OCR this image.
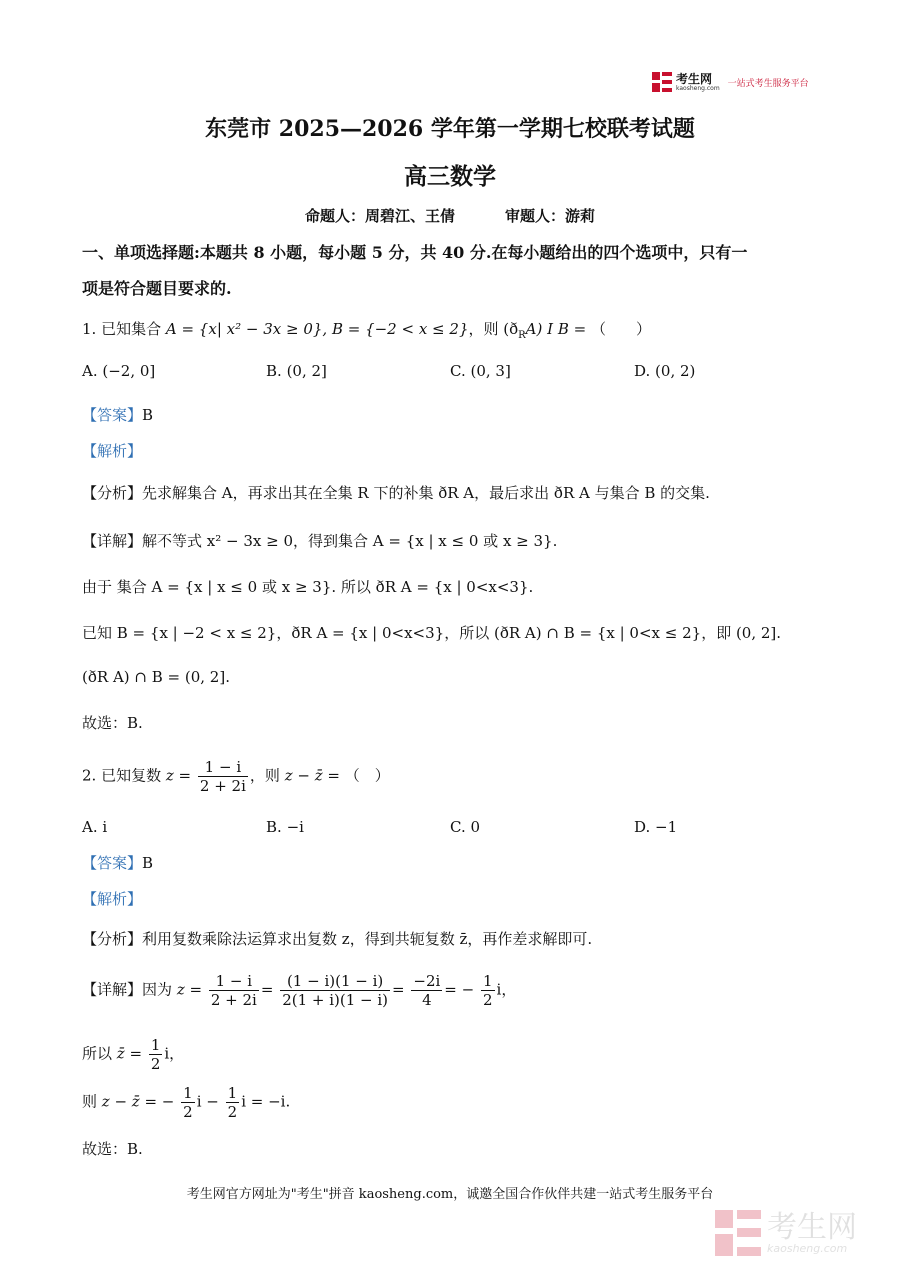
考生网
kaosheng.com 一站式考生服务平台
东莞市 2025—2026 学年第一学期七校联考试题
高三数学
命题人：周碧江、王倩	审题人：游莉
一、单项选择题:本题共 8 小题，每小题 5 分，共 40 分.在每小题给出的四个选项中，只有一
项是符合题目要求的.
1. 已知集合 A = {x| x² − 3x ≥ 0}, B = {−2 < x ≤ 2}，则 $(ð_RA)$ I B = （　　）
A. (−2, 0]	B. (0, 2]	C. (0, 3]	D. (0, 2)
【答案】B
【解析】
【分析】先求解集合 A，再求出其在全集 R 下的补集 ðR A，最后求出 ðR A 与集合 B 的交集.
【详解】解不等式 x² − 3x ≥ 0，得到集合 A = {x | x ≤ 0 或 x ≥ 3}.
由于 集合 A = {x | x ≤ 0 或 x ≥ 3}. 所以 ðR A = {x | 0<x<3}.
已知 B = {x | −2 < x ≤ 2}，ðR A = {x | 0<x<3}，所以 (ðR A) ∩ B = {x | 0<x ≤ 2}，即 (0, 2].
(ðR A) ∩ B = (0, 2].
故选：B.
2. 已知复数 $z = \frac{1 - i}{2 + 2i}$ ，则 z − z̄ = （　）
A. i	B. −i	C. 0	D. −1
【答案】B
【解析】
【分析】利用复数乘除法运算求出复数 z，得到共轭复数 z̄，再作差求解即可.
【详解】因为 $z = \frac{1 - i}{2 + 2i} = \frac{(1 - i)(1 - i)}{2(1 + i)(1 - i)} = \frac{-2i}{4}$ = − $\frac{1}{2}$ i，
所以 z̄ = $\frac{1}{2}$ i，
则 z − z̄ = − $\frac{1}{2}$ $i - \frac{1}{2}$ i = −i.
故选：B.
考生网官方网址为"考生"拼音 kaosheng.com，诚邀全国合作伙伴共建一站式考生服务平台
考生网
kaosheng.com
